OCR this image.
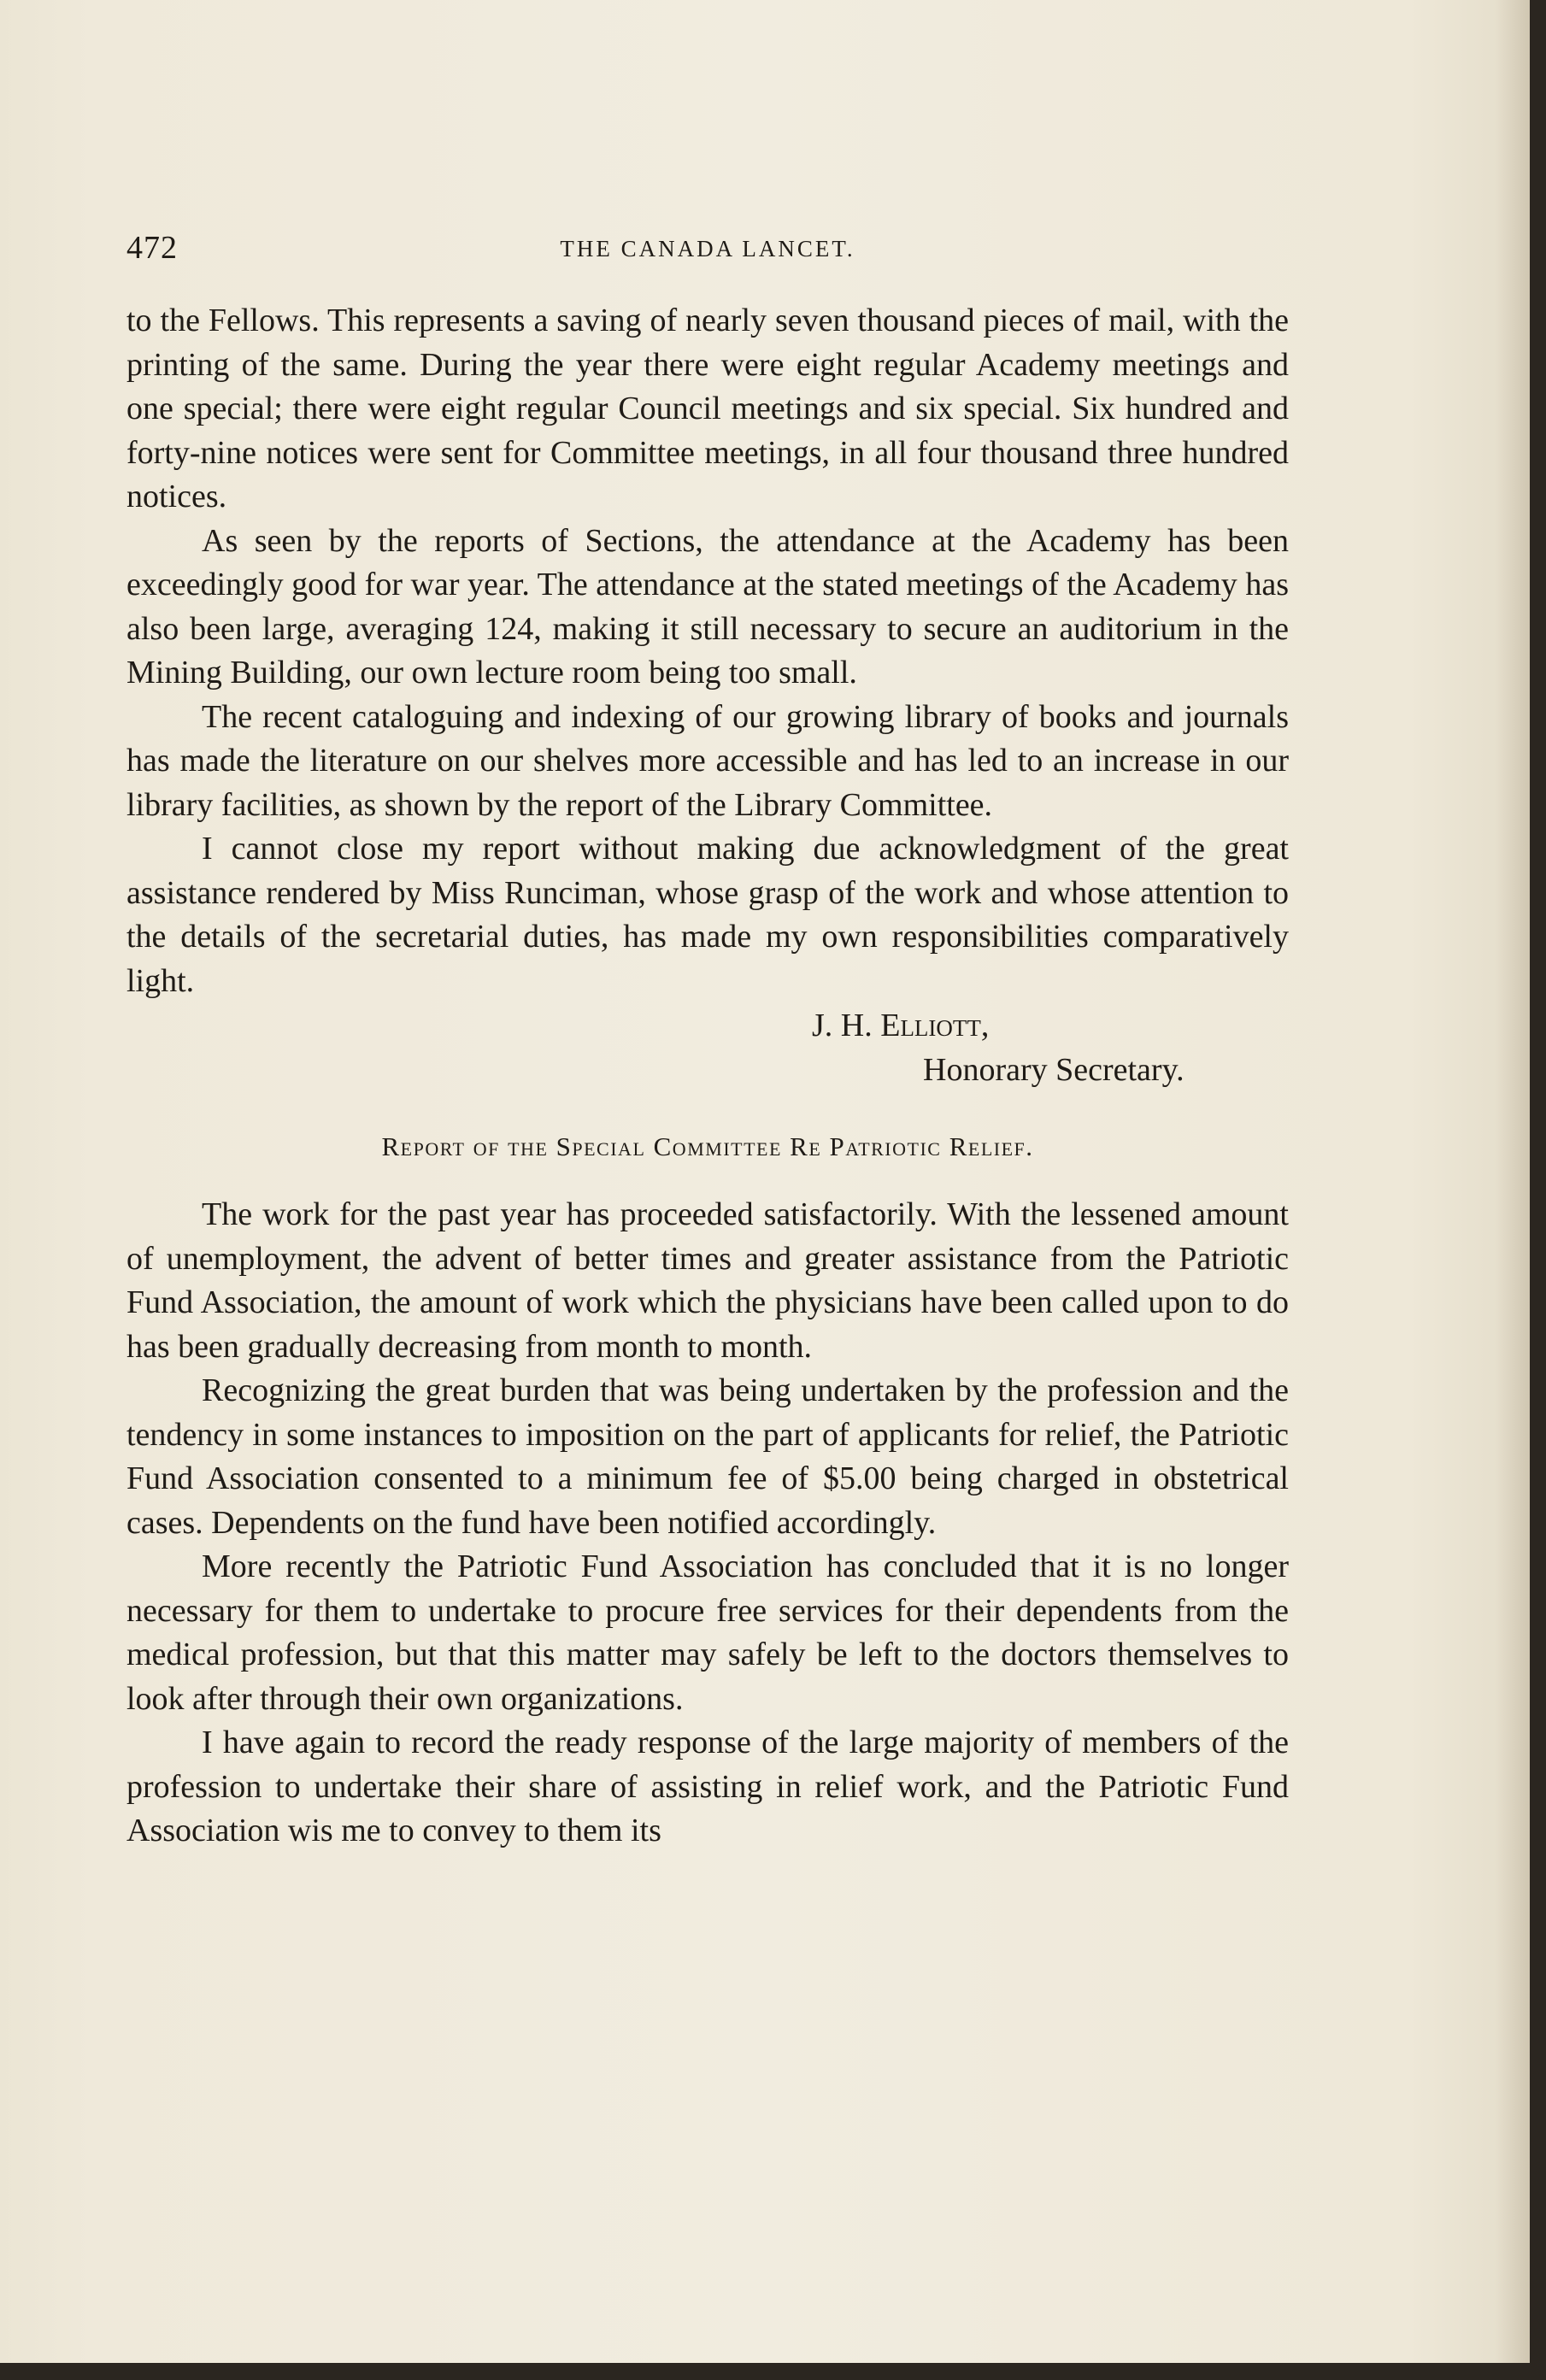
472	THE CANADA LANCET.

to the Fellows. This represents a saving of nearly seven thousand pieces of mail, with the printing of the same. During the year there were eight regular Academy meetings and one special; there were eight regular Council meetings and six special. Six hundred and forty-nine notices were sent for Committee meetings, in all four thousand three hundred notices.

As seen by the reports of Sections, the attendance at the Academy has been exceedingly good for war year. The attendance at the stated meetings of the Academy has also been large, averaging 124, making it still necessary to secure an auditorium in the Mining Building, our own lecture room being too small.

The recent cataloguing and indexing of our growing library of books and journals has made the literature on our shelves more accessible and has led to an increase in our library facilities, as shown by the report of the Library Committee.

I cannot close my report without making due acknowledgment of the great assistance rendered by Miss Runciman, whose grasp of the work and whose attention to the details of the secretarial duties, has made my own responsibilities comparatively light.

J. H. Elliott,
Honorary Secretary.
Report of the Special Committee Re Patriotic Relief.

The work for the past year has proceeded satisfactorily. With the lessened amount of unemployment, the advent of better times and greater assistance from the Patriotic Fund Association, the amount of work which the physicians have been called upon to do has been gradually decreasing from month to month.

Recognizing the great burden that was being undertaken by the profession and the tendency in some instances to imposition on the part of applicants for relief, the Patriotic Fund Association consented to a minimum fee of $5.00 being charged in obstetrical cases. Dependents on the fund have been notified accordingly.

More recently the Patriotic Fund Association has concluded that it is no longer necessary for them to undertake to procure free services for their dependents from the medical profession, but that this matter may safely be left to the doctors themselves to look after through their own organizations.

I have again to record the ready response of the large majority of members of the profession to undertake their share of assisting in relief work, and the Patriotic Fund Association wis me to convey to them its
